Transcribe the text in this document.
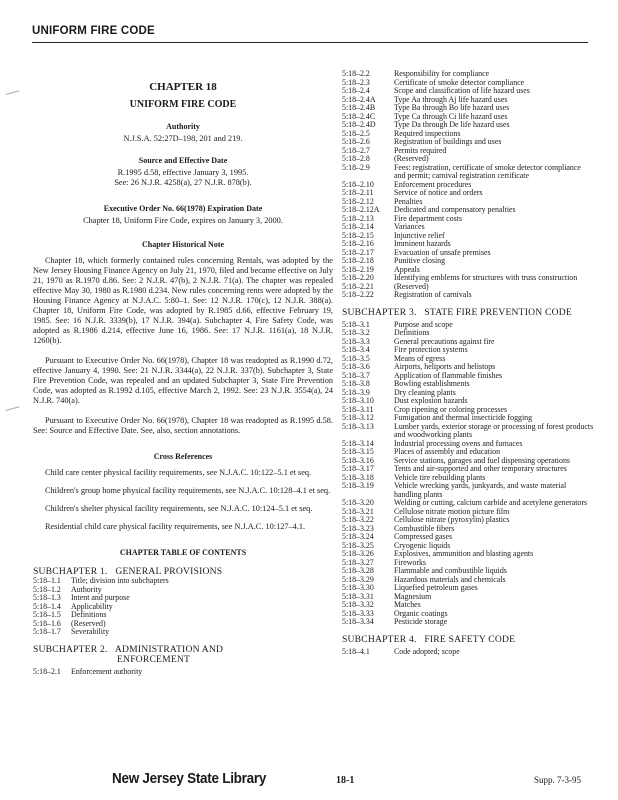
UNIFORM FIRE CODE
CHAPTER 18
UNIFORM FIRE CODE
Authority
N.J.S.A. 52:27D–198, 201 and 219.
Source and Effective Date
R.1995 d.58, effective January 3, 1995.
See: 26 N.J.R. 4258(a), 27 N.J.R. 878(b).
Executive Order No. 66(1978) Expiration Date
Chapter 18, Uniform Fire Code, expires on January 3, 2000.
Chapter Historical Note
Chapter 18, which formerly contained rules concerning Rentals, was adopted by the New Jersey Housing Finance Agency on July 21, 1970, filed and became effective on July 21, 1970 as R.1970 d.86. See: 2 N.J.R. 47(b), 2 N.J.R. 71(a). The chapter was repealed effective May 30, 1980 as R.1980 d.234. New rules concerning rents were adopted by the Housing Finance Agency at N.J.A.C. 5:80–1. See: 12 N.J.R. 170(c), 12 N.J.R. 388(a). Chapter 18, Uniform Fire Code, was adopted by R.1985 d.66, effective February 19, 1985. See: 16 N.J.R. 3339(b), 17 N.J.R. 394(a). Subchapter 4, Fire Safety Code, was adopted as R.1986 d.214, effective June 16, 1986. See: 17 N.J.R. 1161(a), 18 N.J.R. 1260(b).
Pursuant to Executive Order No. 66(1978), Chapter 18 was readopted as R.1990 d.72, effective January 4, 1990. See: 21 N.J.R. 3344(a), 22 N.J.R. 337(b). Subchapter 3, State Fire Prevention Code, was repealed and an updated Subchapter 3, State Fire Prevention Code, was adopted as R.1992 d.105, effective March 2, 1992. See: 23 N.J.R. 3554(a), 24 N.J.R. 740(a).
Pursuant to Executive Order No. 66(1978), Chapter 18 was readopted as R.1995 d.58. See: Source and Effective Date. See, also, section annotations.
Cross References
Child care center physical facility requirements, see N.J.A.C. 10:122–5.1 et seq.
Children's group home physical facility requirements, see N.J.A.C. 10:128–4.1 et seq.
Children's shelter physical facility requirements, see N.J.A.C. 10:124–5.1 et seq.
Residential child care physical facility requirements, see N.J.A.C. 10:127–4.1.
CHAPTER TABLE OF CONTENTS
SUBCHAPTER 1.   GENERAL PROVISIONS
5:18–1.1	Title; division into subchapters
5:18–1.2	Authority
5:18–1.3	Intent and purpose
5:18–1.4	Applicability
5:18–1.5	Definitions
5:18–1.6	(Reserved)
5:18–1.7	Severability
SUBCHAPTER 2.   ADMINISTRATION AND
ENFORCEMENT
5:18–2.1	Enforcement authority
5:18–2.2	Responsibility for compliance
5:18–2.3	Certificate of smoke detector compliance
5:18–2.4	Scope and classification of life hazard uses
5:18–2.4A	Type Aa through Aj life hazard uses
5:18–2.4B	Type Ba through Bo life hazard uses
5:18–2.4C	Type Ca through Ci life hazard uses
5:18–2.4D	Type Da through De life hazard uses
5:18–2.5	Required inspections
5:18–2.6	Registration of buildings and uses
5:18–2.7	Permits required
5:18–2.8	(Reserved)
5:18–2.9	Fees: registration, certificate of smoke detector compliance and permit; carnival registration certificate
5:18–2.10	Enforcement procedures
5:18–2.11	Service of notice and orders
5:18–2.12	Penalties
5:18–2.12A	Dedicated and compensatory penalties
5:18–2.13	Fire department costs
5:18–2.14	Variances
5:18–2.15	Injunctive relief
5:18–2.16	Imminent hazards
5:18–2.17	Evacuation of unsafe premises
5:18–2.18	Punitive closing
5:18–2.19	Appeals
5:18–2.20	Identifying emblems for structures with truss construction
5:18–2.21	(Reserved)
5:18–2.22	Registration of carnivals
SUBCHAPTER 3.   STATE FIRE PREVENTION CODE
5:18–3.1	Purpose and scope
5:18–3.2	Definitions
5:18–3.3	General precautions against fire
5:18–3.4	Fire protection systems
5:18–3.5	Means of egress
5:18–3.6	Airports, heliports and helistops
5:18–3.7	Application of flammable finishes
5:18–3.8	Bowling establishments
5:18–3.9	Dry cleaning plants
5:18–3.10	Dust explosion hazards
5:18–3.11	Crop ripening or coloring processes
5:18–3.12	Fumigation and thermal insecticide fogging
5:18–3.13	Lumber yards, exterior storage or processing of forest products and woodworking plants
5:18–3.14	Industrial processing ovens and furnaces
5:18–3.15	Places of assembly and education
5:18–3.16	Service stations, garages and fuel dispensing operations
5:18–3.17	Tents and air-supported and other temporary structures
5:18–3.18	Vehicle tire rebuilding plants
5:18–3.19	Vehicle wrecking yards, junkyards, and waste material handling plants
5:18–3.20	Welding or cutting, calcium carbide and acetylene generators
5:18–3.21	Cellulose nitrate motion picture film
5:18–3.22	Cellulose nitrate (pyroxylin) plastics
5:18–3.23	Combustible fibers
5:18–3.24	Compressed gases
5:18–3.25	Cryogenic liquids
5:18–3.26	Explosives, ammunition and blasting agents
5:18–3.27	Fireworks
5:18–3.28	Flammable and combustible liquids
5:18–3.29	Hazardous materials and chemicals
5:18–3.30	Liquefied petroleum gases
5:18–3.31	Magnesium
5:18–3.32	Matches
5:18–3.33	Organic coatings
5:18–3.34	Pesticide storage
SUBCHAPTER 4.   FIRE SAFETY CODE
5:18–4.1	Code adopted; scope
New Jersey State Library	18-1	Supp. 7-3-95
